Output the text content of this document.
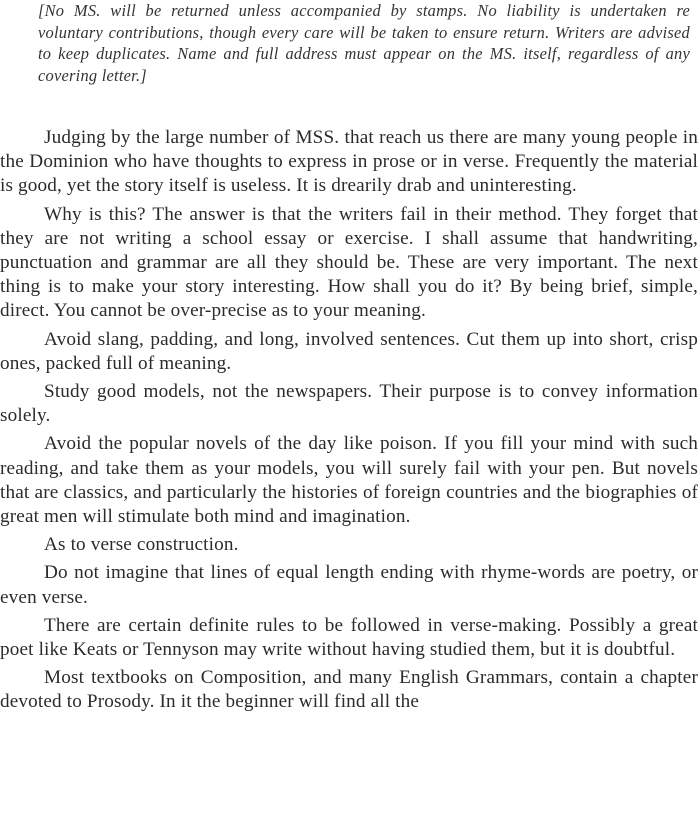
[No MS. will be returned unless accompanied by stamps. No liability is undertaken re voluntary contributions, though every care will be taken to ensure return. Writers are advised to keep duplicates. Name and full address must appear on the MS. itself, regardless of any covering letter.]

Judging by the large number of MSS. that reach us there are many young people in the Dominion who have thoughts to express in prose or in verse. Frequently the material is good, yet the story itself is useless. It is drearily drab and uninteresting.

Why is this? The answer is that the writers fail in their method. They forget that they are not writing a school essay or exercise. I shall assume that handwriting, punctuation and grammar are all they should be. These are very important. The next thing is to make your story interesting. How shall you do it? By being brief, simple, direct. You cannot be over-precise as to your meaning.

Avoid slang, padding, and long, involved sentences. Cut them up into short, crisp ones, packed full of meaning.

Study good models, not the newspapers. Their purpose is to convey information solely.

Avoid the popular novels of the day like poison. If you fill your mind with such reading, and take them as your models, you will surely fail with your pen. But novels that are classics, and particularly the histories of foreign countries and the biographies of great men will stimulate both mind and imagination.

As to verse construction.

Do not imagine that lines of equal length ending with rhyme-words are poetry, or even verse.

There are certain definite rules to be followed in verse-making. Possibly a great poet like Keats or Tennyson may write without having studied them, but it is doubtful.

Most textbooks on Composition, and many English Grammars, contain a chapter devoted to Prosody. In it the beginner will find all the
